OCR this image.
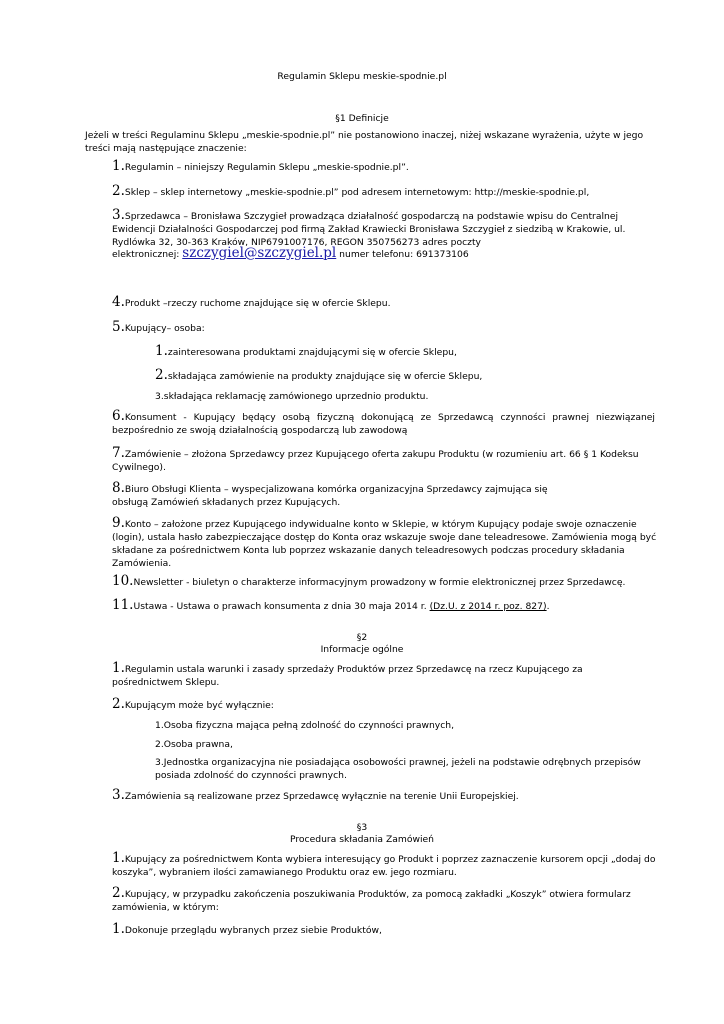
Regulamin Sklepu meskie-spodnie.pl
§1 Definicje
Jeżeli w treści Regulaminu Sklepu „meskie-spodnie.pl” nie postanowiono inaczej, niżej wskazane wyrażenia, użyte w jego treści mają następujące znaczenie:
1.Regulamin – niniejszy Regulamin Sklepu „meskie-spodnie.pl”.
2.Sklep – sklep internetowy „meskie-spodnie.pl” pod adresem internetowym: http://meskie-spodnie.pl,
3.Sprzedawca – Bronisława Szczygieł prowadząca działalność gospodarczą na podstawie wpisu do Centralnej Ewidencji Działalności Gospodarczej pod firmą Zakład Krawiecki Bronisława Szczygieł z siedzibą w Krakowie, ul. Rydlówka 32, 30-363 Kraków, NIP6791007176, REGON 350756273 adres poczty
elektronicznej: szczygiel@szczygiel.pl numer telefonu: 691373106
4.Produkt –rzeczy ruchome znajdujące się w ofercie Sklepu.
5.Kupujący– osoba:
1.zainteresowana produktami znajdującymi się w ofercie Sklepu,
2.składająca zamówienie na produkty znajdujące się w ofercie Sklepu,
3.składająca reklamację zamówionego uprzednio produktu.
6.Konsument - Kupujący będący osobą fizyczną dokonującą ze Sprzedawcą czynności prawnej niezwiązanej bezpośrednio ze swoją działalnością gospodarczą lub zawodową
7.Zamówienie – złożona Sprzedawcy przez Kupującego oferta zakupu Produktu (w rozumieniu art. 66 § 1 Kodeksu Cywilnego).
8.Biuro Obsługi Klienta – wyspecjalizowana komórka organizacyjna Sprzedawcy zajmująca się obsługą Zamówień składanych przez Kupujących.
9.Konto – założone przez Kupującego indywidualne konto w Sklepie, w którym Kupujący podaje swoje oznaczenie (login), ustala hasło zabezpieczające dostęp do Konta oraz wskazuje swoje dane teleadresowe. Zamówienia mogą być składane za pośrednictwem Konta lub poprzez wskazanie danych teleadresowych podczas procedury składania Zamówienia.
10.Newsletter - biuletyn o charakterze informacyjnym prowadzony w formie elektronicznej przez Sprzedawcę.
11.Ustawa - Ustawa o prawach konsumenta z dnia 30 maja 2014 r. (Dz.U. z 2014 r. poz. 827).
§2
Informacje ogólne
1.Regulamin ustala warunki i zasady sprzedaży Produktów przez Sprzedawcę na rzecz Kupującego za pośrednictwem Sklepu.
2.Kupującym może być wyłącznie:
1.Osoba fizyczna mająca pełną zdolność do czynności prawnych,
2.Osoba prawna,
3.Jednostka organizacyjna nie posiadająca osobowości prawnej, jeżeli na podstawie odrębnych przepisów posiada zdolność do czynności prawnych.
3.Zamówienia są realizowane przez Sprzedawcę wyłącznie na terenie Unii Europejskiej.
§3
Procedura składania Zamówień
1.Kupujący za pośrednictwem Konta wybiera interesujący go Produkt i poprzez zaznaczenie kursorem opcji „dodaj do koszyka”, wybraniem ilości zamawianego Produktu oraz ew. jego rozmiaru.
2.Kupujący, w przypadku zakończenia poszukiwania Produktów, za pomocą zakładki „Koszyk” otwiera formularz zamówienia, w którym:
1.Dokonuje przeglądu wybranych przez siebie Produktów,
